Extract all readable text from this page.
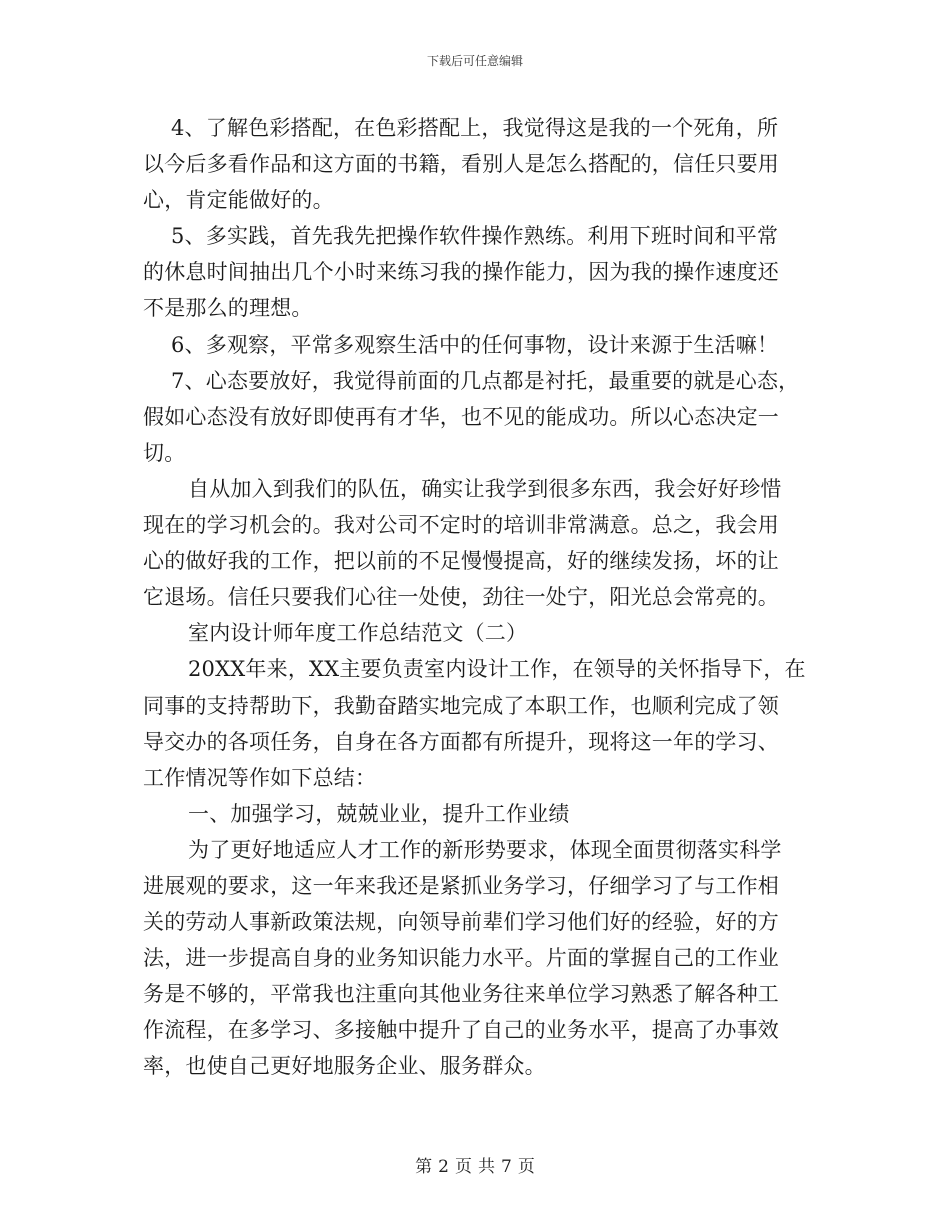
下载后可任意编辑
4、了解色彩搭配，在色彩搭配上，我觉得这是我的一个死角，所
以今后多看作品和这方面的书籍，看别人是怎么搭配的，信任只要用
心，肯定能做好的。
5、多实践，首先我先把操作软件操作熟练。利用下班时间和平常
的休息时间抽出几个小时来练习我的操作能力，因为我的操作速度还
不是那么的理想。
6、多观察，平常多观察生活中的任何事物，设计来源于生活嘛！
7、心态要放好，我觉得前面的几点都是衬托，最重要的就是心态，
假如心态没有放好即使再有才华，也不见的能成功。所以心态决定一
切。
自从加入到我们的队伍，确实让我学到很多东西，我会好好珍惜
现在的学习机会的。我对公司不定时的培训非常满意。总之，我会用
心的做好我的工作，把以前的不足慢慢提高，好的继续发扬，坏的让
它退场。信任只要我们心往一处使，劲往一处宁，阳光总会常亮的。
室内设计师年度工作总结范文（二）
20XX年来，XX主要负责室内设计工作，在领导的关怀指导下，在
同事的支持帮助下，我勤奋踏实地完成了本职工作，也顺利完成了领
导交办的各项任务，自身在各方面都有所提升，现将这一年的学习、
工作情况等作如下总结：
一、加强学习，兢兢业业，提升工作业绩
为了更好地适应人才工作的新形势要求，体现全面贯彻落实科学
进展观的要求，这一年来我还是紧抓业务学习，仔细学习了与工作相
关的劳动人事新政策法规，向领导前辈们学习他们好的经验，好的方
法，进一步提高自身的业务知识能力水平。片面的掌握自己的工作业
务是不够的，平常我也注重向其他业务往来单位学习熟悉了解各种工
作流程，在多学习、多接触中提升了自己的业务水平，提高了办事效
率，也使自己更好地服务企业、服务群众。
第 2 页 共 7 页
